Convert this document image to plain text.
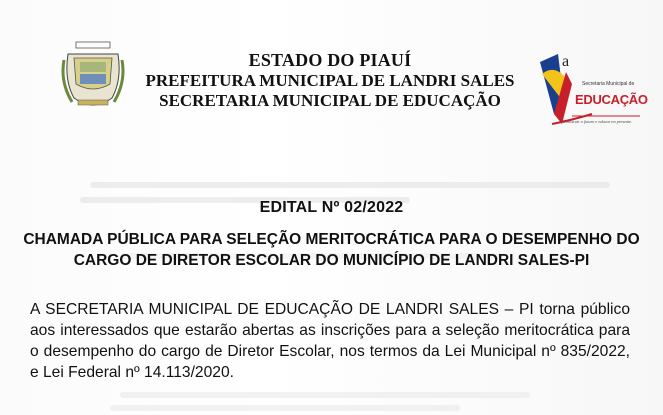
ESTADO DO PIAUÍ
PREFEITURA MUNICIPAL DE LANDRI SALES
SECRETARIA MUNICIPAL DE EDUCAÇÃO
a
Secretaria Municipal de
EDUCAÇÃO
Construir o futuro e educar no presente.
EDITAL Nº 02/2022
CHAMADA PÚBLICA PARA SELEÇÃO MERITOCRÁTICA PARA O DESEMPENHO DO CARGO DE DIRETOR ESCOLAR DO MUNICÍPIO DE LANDRI SALES-PI
A SECRETARIA MUNICIPAL DE EDUCAÇÃO DE LANDRI SALES – PI torna público aos interessados que estarão abertas as inscrições para a seleção meritocrática para o desempenho do cargo de Diretor Escolar, nos termos da Lei Municipal nº 835/2022, e Lei Federal nº 14.113/2020.
